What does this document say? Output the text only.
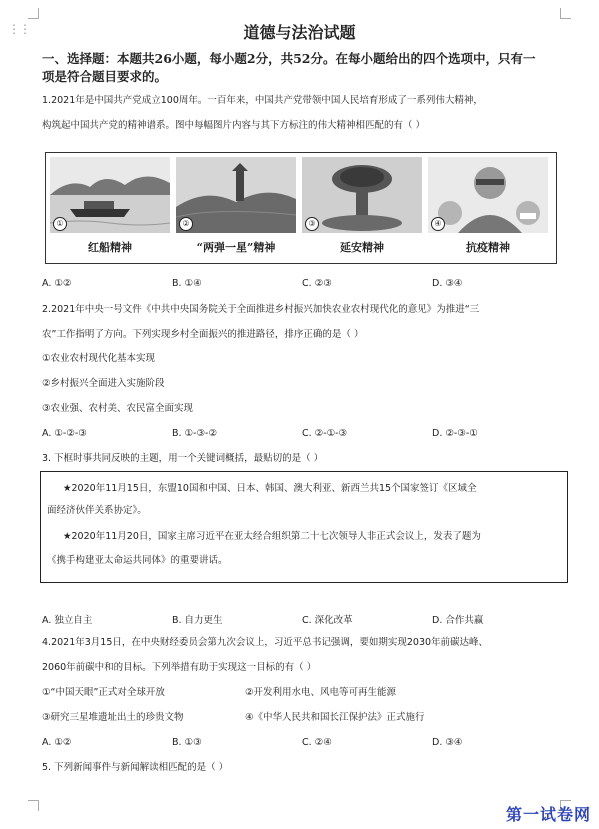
⋮⋮	道德与法治试题
一、选择题：本题共26小题，每小题2分，共52分。在每小题给出的四个选项中，只有一
项是符合题目要求的。
1.2021年是中国共产党成立100周年。一百年来，中国共产党带领中国人民培育形成了一系列伟大精神，
构筑起中国共产党的精神谱系。图中每幅图片内容与其下方标注的伟大精神相匹配的有（ ）
①	②	③	④
红船精神	“两弹一星”精神	延安精神	抗疫精神
A. ①②	B. ①④	C. ②③	D. ③④
2.2021年中央一号文件《中共中央国务院关于全面推进乡村振兴加快农业农村现代化的意见》为推进“三
农”工作指明了方向。下列实现乡村全面振兴的推进路径，排序正确的是（ ）
①农业农村现代化基本实现
②乡村振兴全面进入实施阶段
③农业强、农村美、农民富全面实现
A. ①-②-③	B. ①-③-②	C. ②-①-③	D. ②-③-①
3. 下框时事共同反映的主题，用一个关键词概括，最贴切的是（ ）
★2020年11月15日，东盟10国和中国、日本、韩国、澳大利亚、新西兰共15个国家签订《区域全
面经济伙伴关系协定》。
★2020年11月20日，国家主席习近平在亚太经合组织第二十七次领导人非正式会议上，发表了题为
《携手构建亚太命运共同体》的重要讲话。
A. 独立自主	B. 自力更生	C. 深化改革	D. 合作共赢
4.2021年3月15日，在中央财经委员会第九次会议上，习近平总书记强调，要如期实现2030年前碳达峰、
2060年前碳中和的目标。下列举措有助于实现这一目标的有（ ）
①“中国天眼”正式对全球开放	②开发利用水电、风电等可再生能源
③研究三星堆遗址出土的珍贵文物	④《中华人民共和国长江保护法》正式施行
A. ①②	B. ①③	C. ②④	D. ③④
5. 下列新闻事件与新闻解读相匹配的是（ ）
第一试卷网
